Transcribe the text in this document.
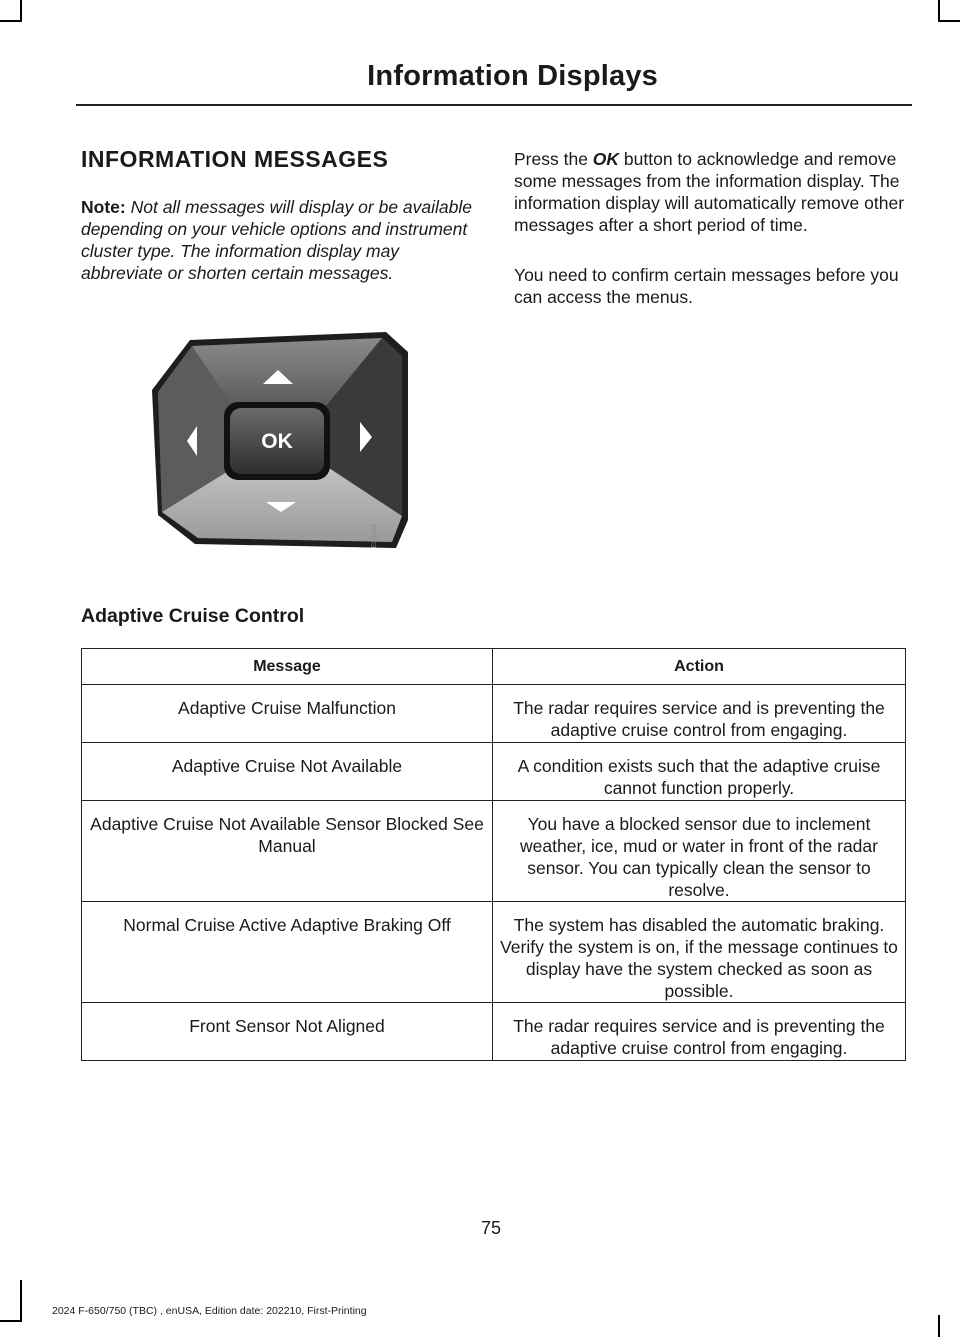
Information Displays
INFORMATION MESSAGES
Note: Not all messages will display or be available depending on your vehicle options and instrument cluster type. The information display may abbreviate or shorten certain messages.
Press the OK button to acknowledge and remove some messages from the information display. The information display will automatically remove other messages after a short period of time.
You need to confirm certain messages before you can access the menus.
OK
E328569
Adaptive Cruise Control
Message	Action
Adaptive Cruise Malfunction	The radar requires service and is preventing the adaptive cruise control from engaging.
Adaptive Cruise Not Available	A condition exists such that the adaptive cruise cannot function properly.
Adaptive Cruise Not Available Sensor Blocked See Manual	You have a blocked sensor due to inclement weather, ice, mud or water in front of the radar sensor. You can typically clean the sensor to resolve.
Normal Cruise Active Adaptive Braking Off	The system has disabled the automatic braking. Verify the system is on, if the message continues to display have the system checked as soon as possible.
Front Sensor Not Aligned	The radar requires service and is preventing the adaptive cruise control from engaging.
75
2024 F-650/750 (TBC) , enUSA, Edition date: 202210, First-Printing
